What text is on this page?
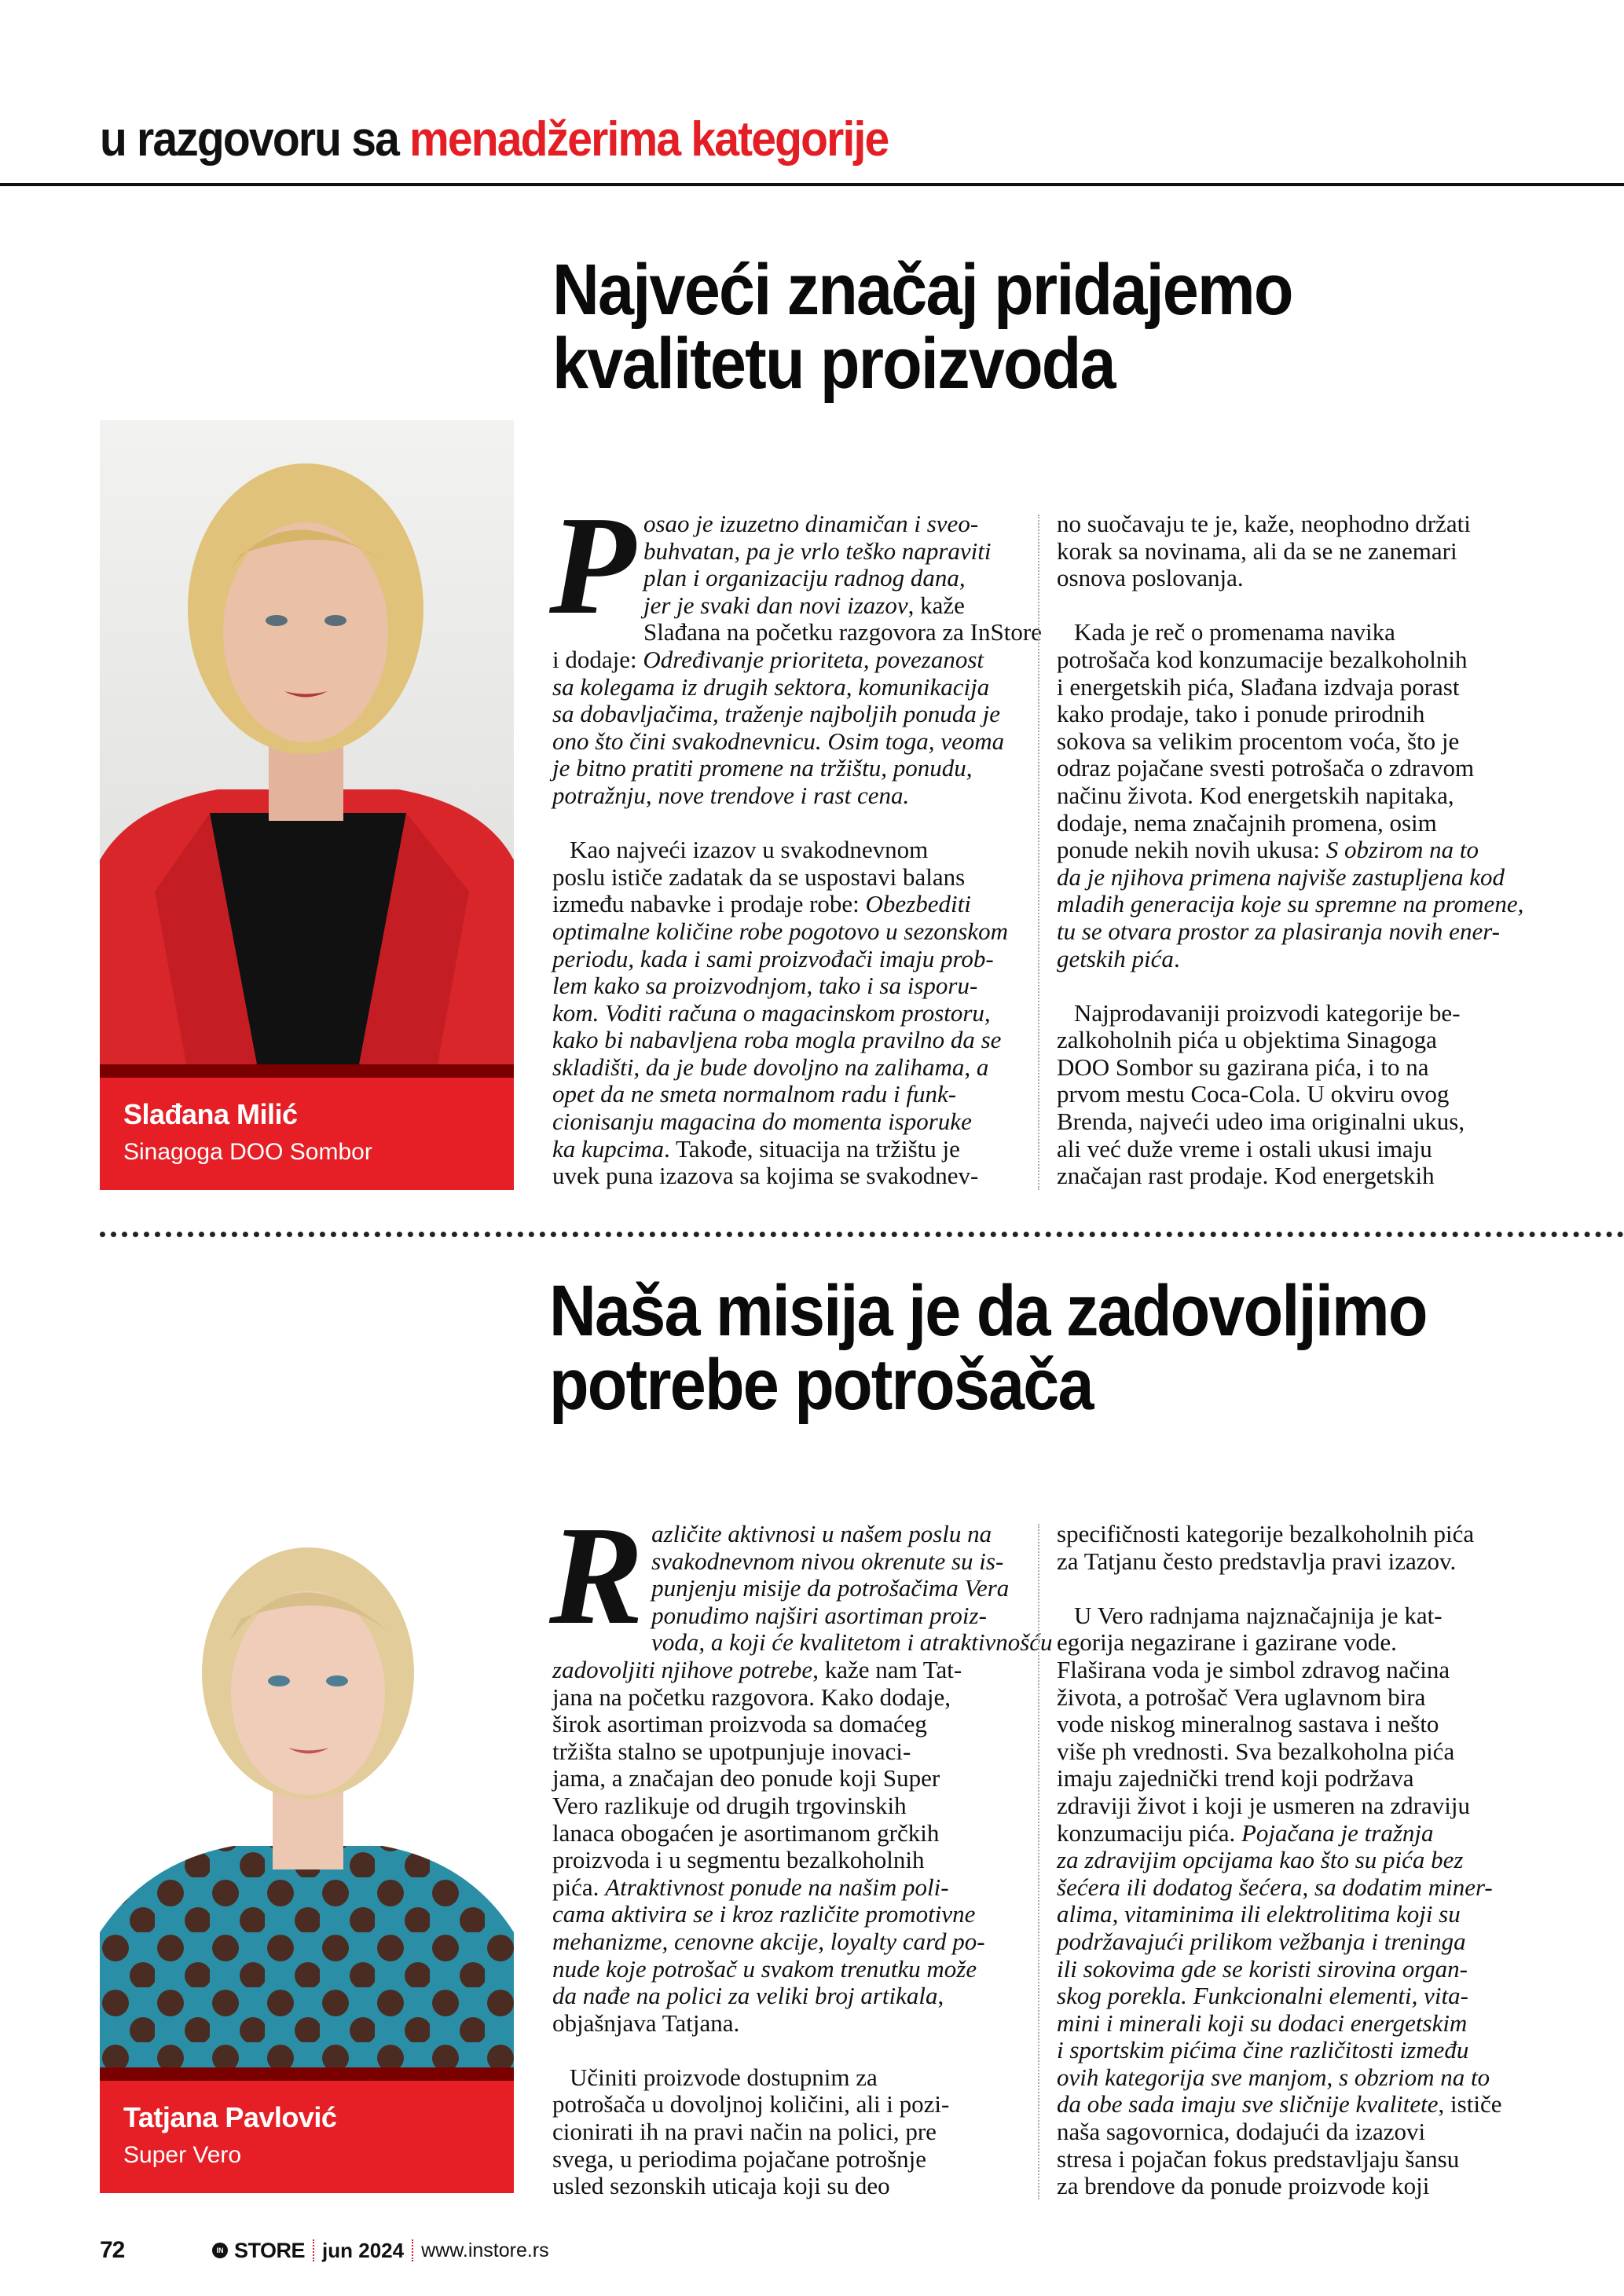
u razgovoru sa menadžerima kategorije
Najveći značaj pridajemo
kvalitetu proizvoda
Slađana Milić
Sinagoga DOO Sombor
P osao je izuzetno dinamičan i sveo-
buhvatan, pa je vrlo teško napraviti
plan i organizaciju radnog dana,
jer je svaki dan novi izazov, kaže
Slađana na početku razgovora za InStore
i dodaje: Određivanje prioriteta, povezanost
sa kolegama iz drugih sektora, komunikacija
sa dobavljačima, traženje najboljih ponuda je
ono što čini svakodnevnicu. Osim toga, veoma
je bitno pratiti promene na tržištu, ponudu,
potražnju, nove trendove i rast cena.

Kao najveći izazov u svakodnevnom
poslu ističe zadatak da se uspostavi balans
između nabavke i prodaje robe: Obezbediti
optimalne količine robe pogotovo u sezonskom
periodu, kada i sami proizvođači imaju prob-
lem kako sa proizvodnjom, tako i sa isporu-
kom. Voditi računa o magacinskom prostoru,
kako bi nabavljena roba mogla pravilno da se
skladišti, da je bude dovoljno na zalihama, a
opet da ne smeta normalnom radu i funk-
cionisanju magacina do momenta isporuke
ka kupcima. Takođe, situacija na tržištu je
uvek puna izazova sa kojima se svakodnev-

no suočavaju te je, kaže, neophodno držati
korak sa novinama, ali da se ne zanemari
osnova poslovanja.

Kada je reč o promenama navika
potrošača kod konzumacije bezalkoholnih
i energetskih pića, Slađana izdvaja porast
kako prodaje, tako i ponude prirodnih
sokova sa velikim procentom voća, što je
odraz pojačane svesti potrošača o zdravom
načinu života. Kod energetskih napitaka,
dodaje, nema značajnih promena, osim
ponude nekih novih ukusa: S obzirom na to
da je njihova primena najviše zastupljena kod
mladih generacija koje su spremne na promene,
tu se otvara prostor za plasiranja novih ener-
getskih pića.

Najprodavaniji proizvodi kategorije be-
zalkoholnih pića u objektima Sinagoga
DOO Sombor su gazirana pića, i to na
prvom mestu Coca-Cola. U okviru ovog
Brenda, najveći udeo ima originalni ukus,
ali već duže vreme i ostali ukusi imaju
značajan rast prodaje. Kod energetskih

Naša misija je da zadovoljimo
potrebe potrošača
Tatjana Pavlović
Super Vero
R azličite aktivnosi u našem poslu na
svakodnevnom nivou okrenute su is-
punjenju misije da potrošačima Vera
ponudimo najširi asortiman proiz-
voda, a koji će kvalitetom i atraktivnošću
zadovoljiti njihove potrebe, kaže nam Tat-
jana na početku razgovora. Kako dodaje,
širok asortiman proizvoda sa domaćeg
tržišta stalno se upotpunjuje inovaci-
jama, a značajan deo ponude koji Super
Vero razlikuje od drugih trgovinskih
lanaca obogaćen je asortimanom grčkih
proizvoda i u segmentu bezalkoholnih
pića. Atraktivnost ponude na našim poli-
cama aktivira se i kroz različite promotivne
mehanizme, cenovne akcije, loyalty card po-
nude koje potrošač u svakom trenutku može
da nađe na polici za veliki broj artikala,
objašnjava Tatjana.

Učiniti proizvode dostupnim za
potrošača u dovoljnoj količini, ali i pozi-
cionirati ih na pravi način na polici, pre
svega, u periodima pojačane potrošnje
usled sezonskih uticaja koji su deo

specifičnosti kategorije bezalkoholnih pića
za Tatjanu često predstavlja pravi izazov.

U Vero radnjama najznačajnija je kat-
egorija negazirane i gazirane vode.
Flaširana voda je simbol zdravog načina
života, a potrošač Vera uglavnom bira
vode niskog mineralnog sastava i nešto
više ph vrednosti. Sva bezalkoholna pića
imaju zajednički trend koji podržava
zdraviji život i koji je usmeren na zdraviju
konzumaciju pića. Pojačana je tražnja
za zdravijim opcijama kao što su pića bez
šećera ili dodatog šećera, sa dodatim miner-
alima, vitaminima ili elektrolitima koji su
podržavajući prilikom vežbanja i treninga
ili sokovima gde se koristi sirovina organ-
skog porekla. Funkcionalni elementi, vita-
mini i minerali koji su dodaci energetskim
i sportskim pićima čine različitosti između
ovih kategorija sve manjom, s obzriom na to
da obe sada imaju sve sličnije kvalitete, ističe
naša sagovornica, dodajući da izazovi
stresa i pojačan fokus predstavljaju šansu
za brendove da ponude proizvode koji

72	IN STORE jun 2024 www.instore.rs
